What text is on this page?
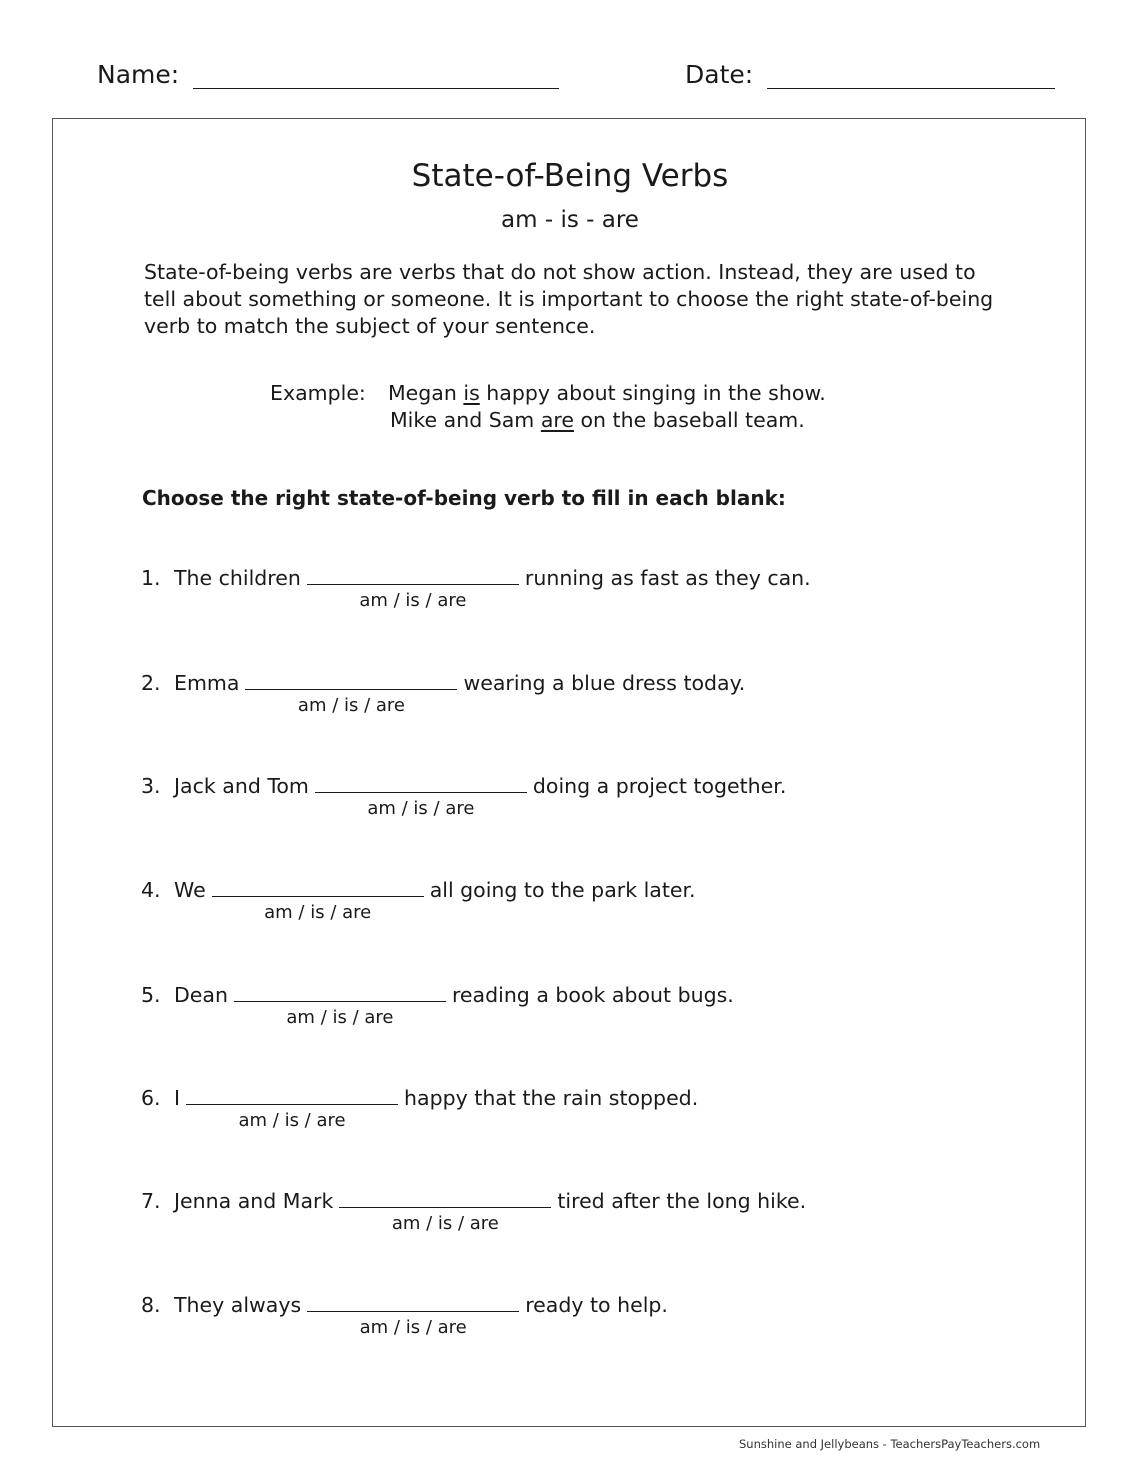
Name:	Date:
State-of-Being Verbs
am - is - are

State-of-being verbs are verbs that do not show action. Instead, they are used to tell about something or someone. It is important to choose the right state-of-being verb to match the subject of your sentence.

Example: Megan is happy about singing in the show.
Mike and Sam are on the baseball team.
Choose the right state-of-being verb to fill in each blank:
1. The children
am / is / are
running as fast as they can.
2. Emma
am / is / are
wearing a blue dress today.
3. Jack and Tom
am / is / are
doing a project together.
4. We
am / is / are
all going to the park later.
5. Dean
am / is / are
reading a book about bugs.
6. I
am / is / are
happy that the rain stopped.
7. Jenna and Mark
am / is / are
tired after the long hike.
8. They always
am / is / are
ready to help.
Sunshine and Jellybeans - TeachersPayTeachers.com
